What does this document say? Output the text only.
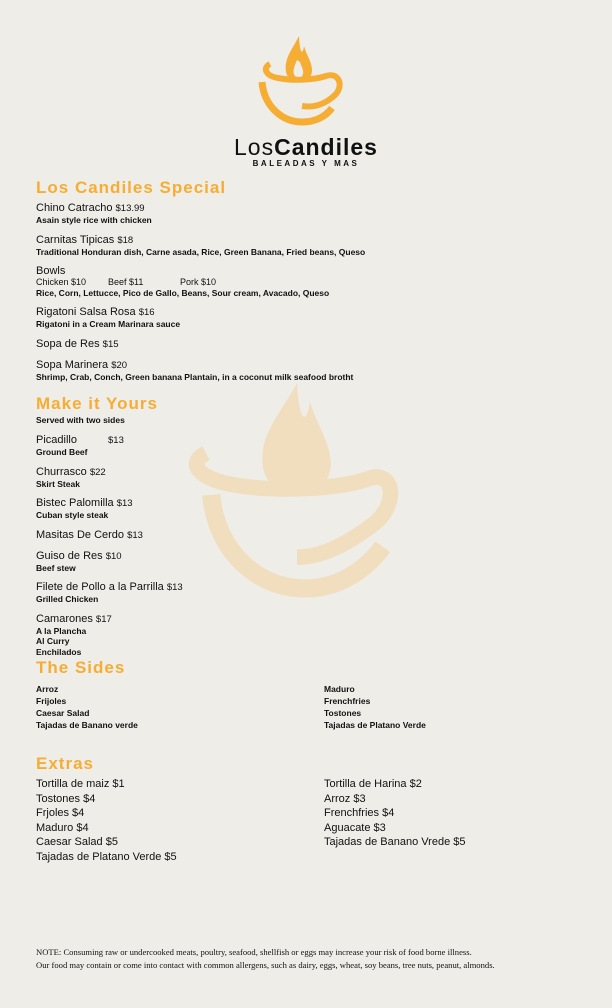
LosCandiles
BALEADAS Y MAS
Los Candiles Special
Chino Catracho $13.99
Asain style rice with chicken
Carnitas Tipicas $18
Traditional Honduran dish, Carne asada, Rice, Green Banana, Fried beans, Queso
Bowls
Chicken $10 Beef $11	Pork $10
Rice, Corn, Lettucce, Pico de Gallo, Beans, Sour cream, Avacado, Queso
Rigatoni Salsa Rosa $16
Rigatoni in a Cream Marinara sauce
Sopa de Res $15
Sopa Marinera $20
Shrimp, Crab, Conch, Green banana Plantain, in a coconut milk seafood brotht
Make it Yours
Served with two sides
Picadillo	$13
Ground Beef
Churrasco $22
Skirt Steak
Bistec Palomilla $13
Cuban style steak
Masitas De Cerdo $13
Guiso de Res $10
Beef stew
Filete de Pollo a la Parrilla $13
Grilled Chicken
Camarones $17
A la Plancha
Al Curry
Enchilados
The Sides
Arroz
Frijoles
Caesar Salad
Tajadas de Banano verde
Maduro
Frenchfries
Tostones
Tajadas de Platano Verde
Extras
Tortilla de maiz $1
Tostones $4
Frjoles $4
Maduro $4
Caesar Salad $5
Tajadas de Platano Verde $5
Tortilla de Harina $2
Arroz $3
Frenchfries $4
Aguacate $3
Tajadas de Banano Vrede $5
NOTE: Consuming raw or undercooked meats, poultry, seafood, shellfish or eggs may increase your risk of food borne illness.
Our food may contain or come into contact with common allergens, such as dairy, eggs, wheat, soy beans, tree nuts, peanut, almonds.
